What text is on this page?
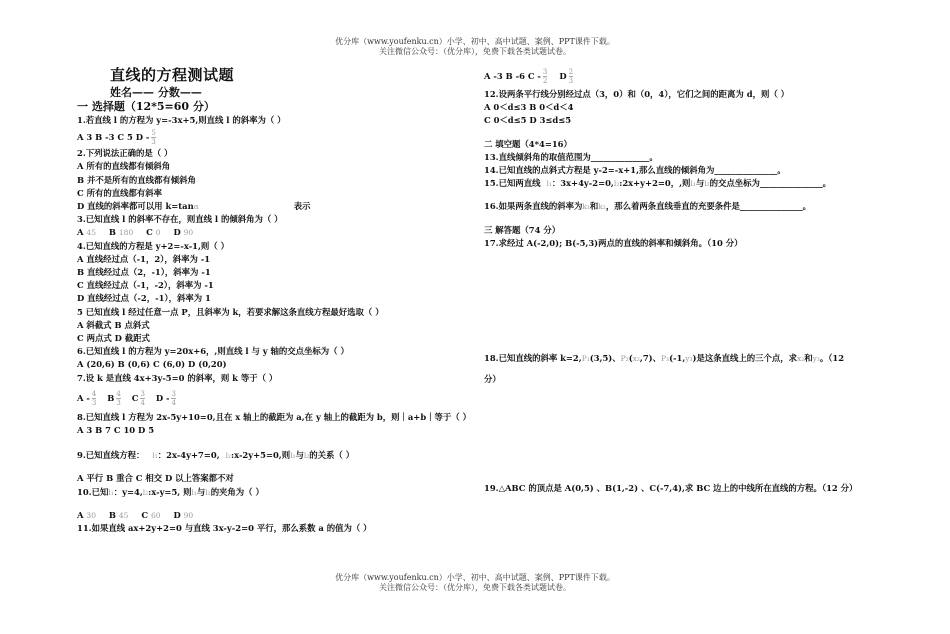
优分库（www.youfenku.cn）小学、初中、高中试题、案例、PPT课件下载。
关注微信公众号：（优分库），免费下载各类试题试卷。
直线的方程测试题
姓名—— 分数——
一 选择题（12*5=60 分）
1.若直线 l 的方程为 y=-3x+5,则直线 l 的斜率为（ ）
A 3 B -3 C 5 D - $\frac{5}{3}$
2.下列说法正确的是（ ）
A 所有的直线都有倾斜角
B 并不是所有的直线都有倾斜角
C 所有的直线都有斜率
D 直线的斜率都可以用 k=tanα	表示
3.已知直线 l 的斜率不存在，则直线 l 的倾斜角为（ ）
A 45 B 180 C 0 D 90
4.已知直线的方程是 y+2=-x-1,则（ ）
A 直线经过点（-1，2），斜率为 -1
B 直线经过点（2，-1），斜率为 -1
C 直线经过点（-1，-2），斜率为 -1
D 直线经过点（-2，-1），斜率为 1
5 已知直线 l 经过任意一点 P，且斜率为 k，若要求解这条直线方程最好选取（ ）
A 斜截式 B 点斜式
C 两点式 D 截距式
6.已知直线 l 的方程为 y=20x+6，,则直线 l 与 y 轴的交点坐标为（ ）
A (20,6) B (0,6) C (6,0) D (0,20)
7.设 k 是直线 4x+3y-5=0 的斜率，则 k 等于（ ）
A - $\frac{4}{3}$ B $\frac{4}{3}$ C $\frac{3}{4}$ D - $\frac{3}{4}$
8.已知直线 l 方程为 2x-5y+10=0,且在 x 轴上的截距为 a,在 y 轴上的截距为 b，则｜a+b｜等于（ ）
A 3 B 7 C 10 D 5
9.已知直线方程： l₁：2x-4y+7=0, l₂:x-2y+5=0,则l₁与l₂的关系（ ）
A 平行 B 重合 C 相交 D 以上答案都不对
10.已知l₁：y=4,l₂:x-y=5, 则l₁与l₂的夹角为（ ）
A 30 B 45 C 60 D 90
11.如果直线 ax+2y+2=0 与直线 3x-y-2=0 平行，那么系数 a 的值为（ ）
A -3 B -6 C - $\frac{3}{2}$ D $\frac{2}{3}$
12.设两条平行线分别经过点（3，0）和（0，4），它们之间的距离为 d，则（ ）
A 0＜d≤3 B 0＜d＜4
C 0＜d≤5 D 3≤d≤5
二 填空题（4*4=16）
13.直线倾斜角的取值范围为______________。
14.已知直线的点斜式方程是 y-2=-x+1,那么直线的倾斜角为_______________。
15.已知两直线 l₁：3x+4y-2=0,l₂:2x+y+2=0，,则l₁与l₂的交点坐标为_______________。
16.如果两条直线的斜率为k₁和k₂，那么着两条直线垂直的充要条件是_______________。
三 解答题（74 分）
17.求经过 A(-2,0); B(-5,3)两点的直线的斜率和倾斜角。（10 分）
18.已知直线的斜率 k=2,P₁(3,5)、P₂(x₂,7)、P₃(-1,y₃)是这条直线上的三个点，求x₂和y₃。（12
分）
19.△ABC 的顶点是 A(0,5) 、B(1,-2) 、C(-7,4),求 BC 边上的中线所在直线的方程。（12 分）
优分库（www.youfenku.cn）小学、初中、高中试题、案例、PPT课件下载。
关注微信公众号：（优分库），免费下载各类试题试卷。
